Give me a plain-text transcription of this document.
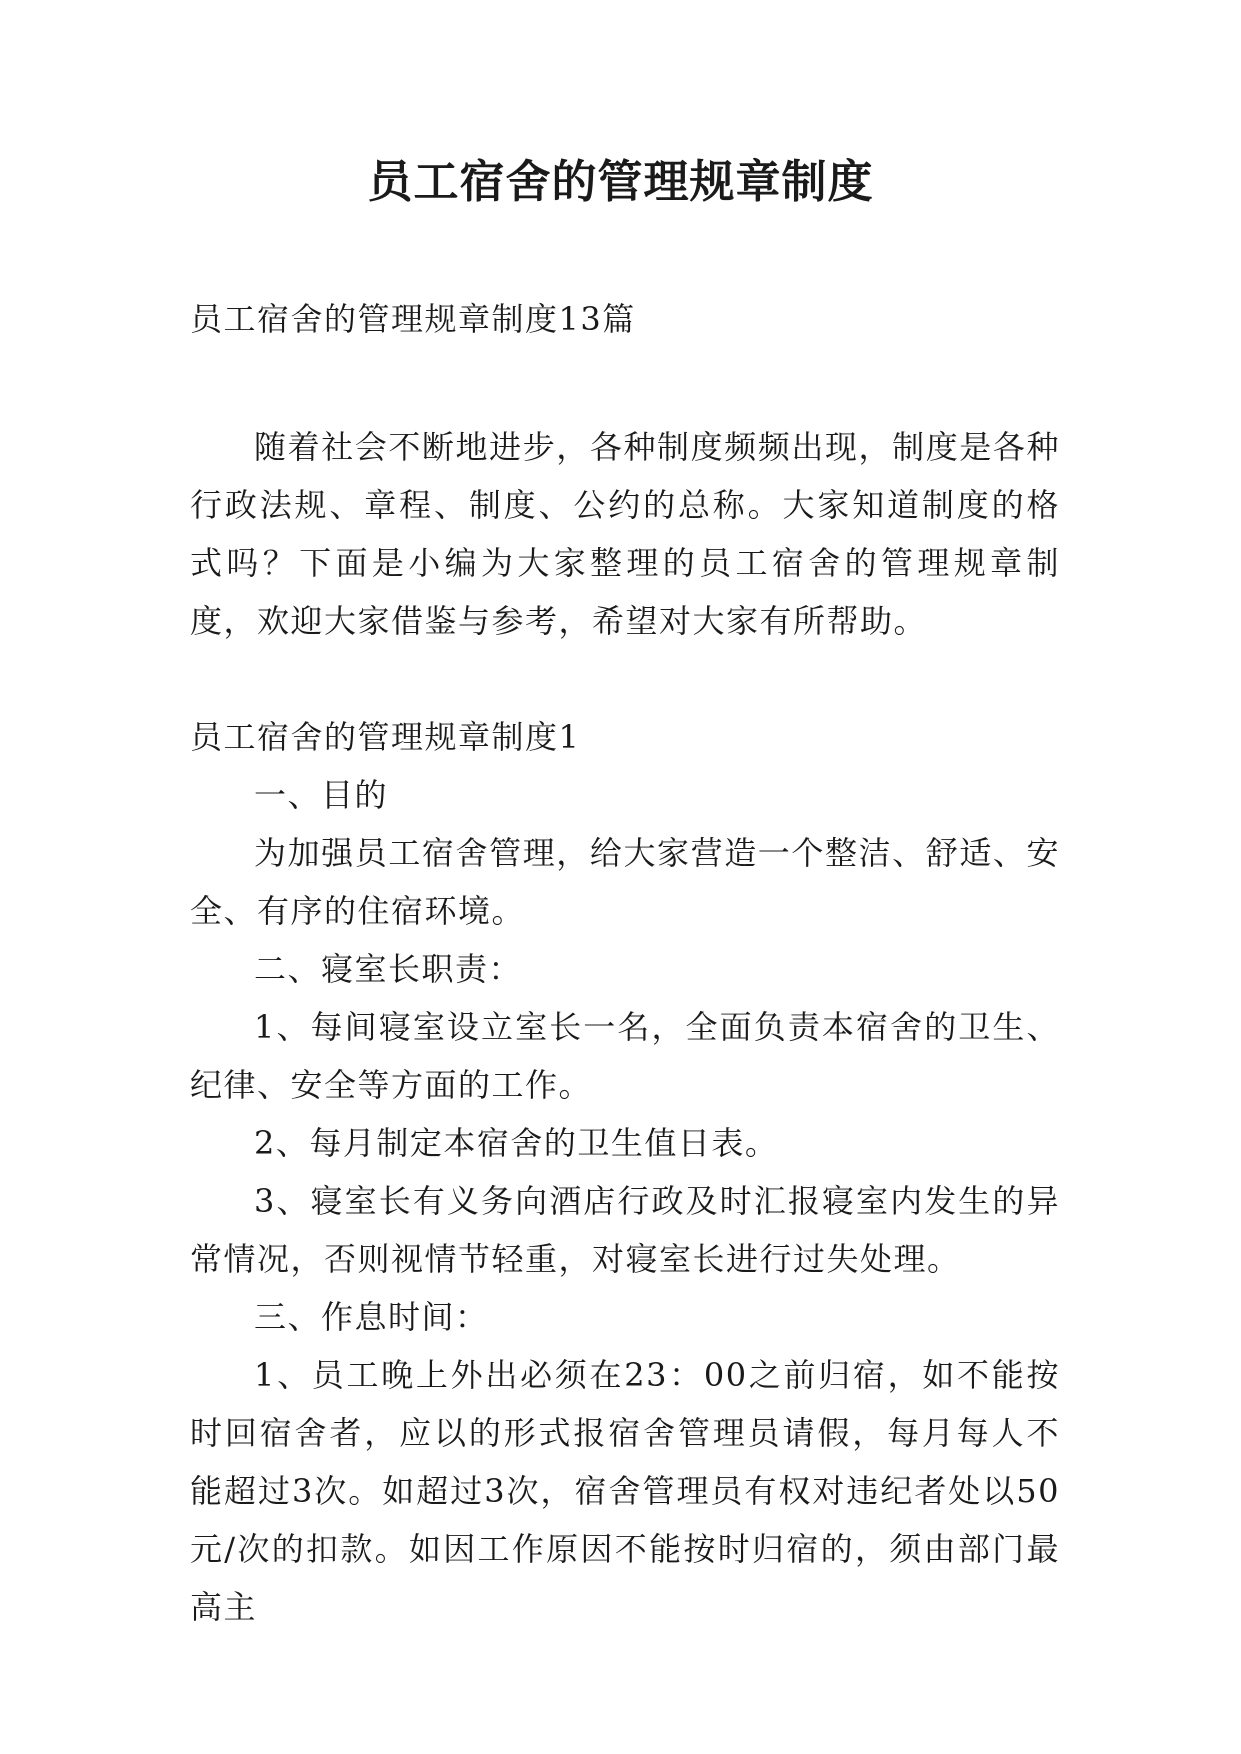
员工宿舍的管理规章制度

员工宿舍的管理规章制度13篇

随着社会不断地进步，各种制度频频出现，制度是各种行政法规、章程、制度、公约的总称。大家知道制度的格式吗？下面是小编为大家整理的员工宿舍的管理规章制度，欢迎大家借鉴与参考，希望对大家有所帮助。

员工宿舍的管理规章制度1

一、目的

为加强员工宿舍管理，给大家营造一个整洁、舒适、安全、有序的住宿环境。

二、寝室长职责：

1、每间寝室设立室长一名，全面负责本宿舍的卫生、纪律、安全等方面的工作。

2、每月制定本宿舍的卫生值日表。

3、寝室长有义务向酒店行政及时汇报寝室内发生的异常情况，否则视情节轻重，对寝室长进行过失处理。

三、作息时间：

1、员工晚上外出必须在23：00之前归宿，如不能按时回宿舍者，应以的形式报宿舍管理员请假，每月每人不能超过3次。如超过3次，宿舍管理员有权对违纪者处以50元/次的扣款。如因工作原因不能按时归宿的，须由部门最高主
